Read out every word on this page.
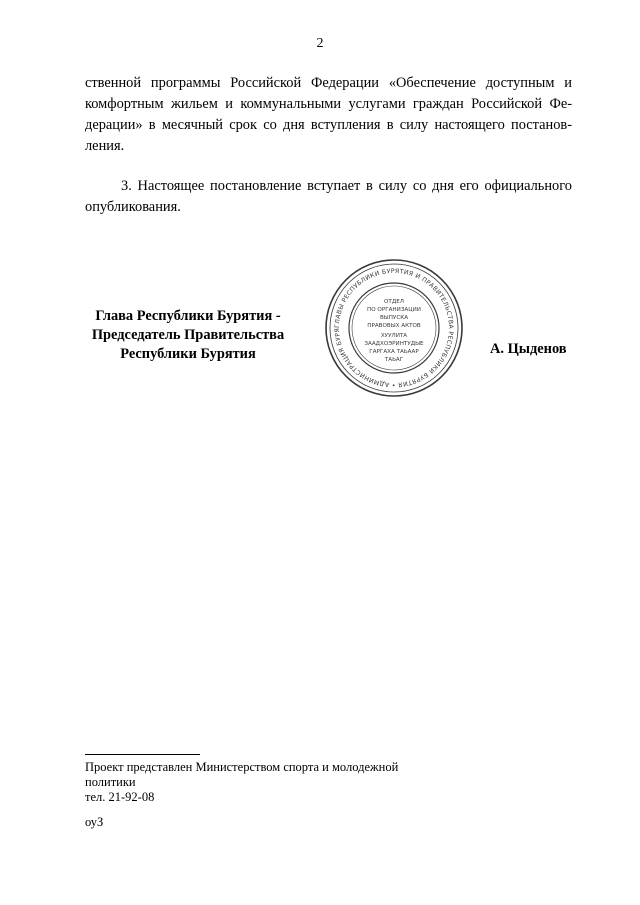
2
ственной программы Российской Федерации «Обеспечение доступным и
комфортным жильем и коммунальными услугами граждан Российской Фе-
дерации» в месячный срок со дня вступления в силу настоящего постанов-
ления.
3. Настоящее постановление вступает в силу со дня его официального
опубликования.
Глава Республики Бурятия -
Председатель Правительства
Республики Бурятия
ГЛАВЫ РЕСПУБЛИКИ БУРЯТИЯ И ПРАВИТЕЛЬСТВА РЕСПУБЛИКИ БУРЯТИЯ • АДМИНИСТРАЦИЯ БУРЯ
ОТДЕЛ
ПО ОРГАНИЗАЦИИ
ВЫПУСКА
ПРАВОВЫХ АКТОВ
ХУУЛИТА
ЗААДХОЭРИНТУДЫЕ
ГАРГАХА ТАЬААР
ТАЬАГ
А. Цыденов
Проект представлен Министерством спорта и молодежной
политики
тел. 21-92-08
оуЗ
